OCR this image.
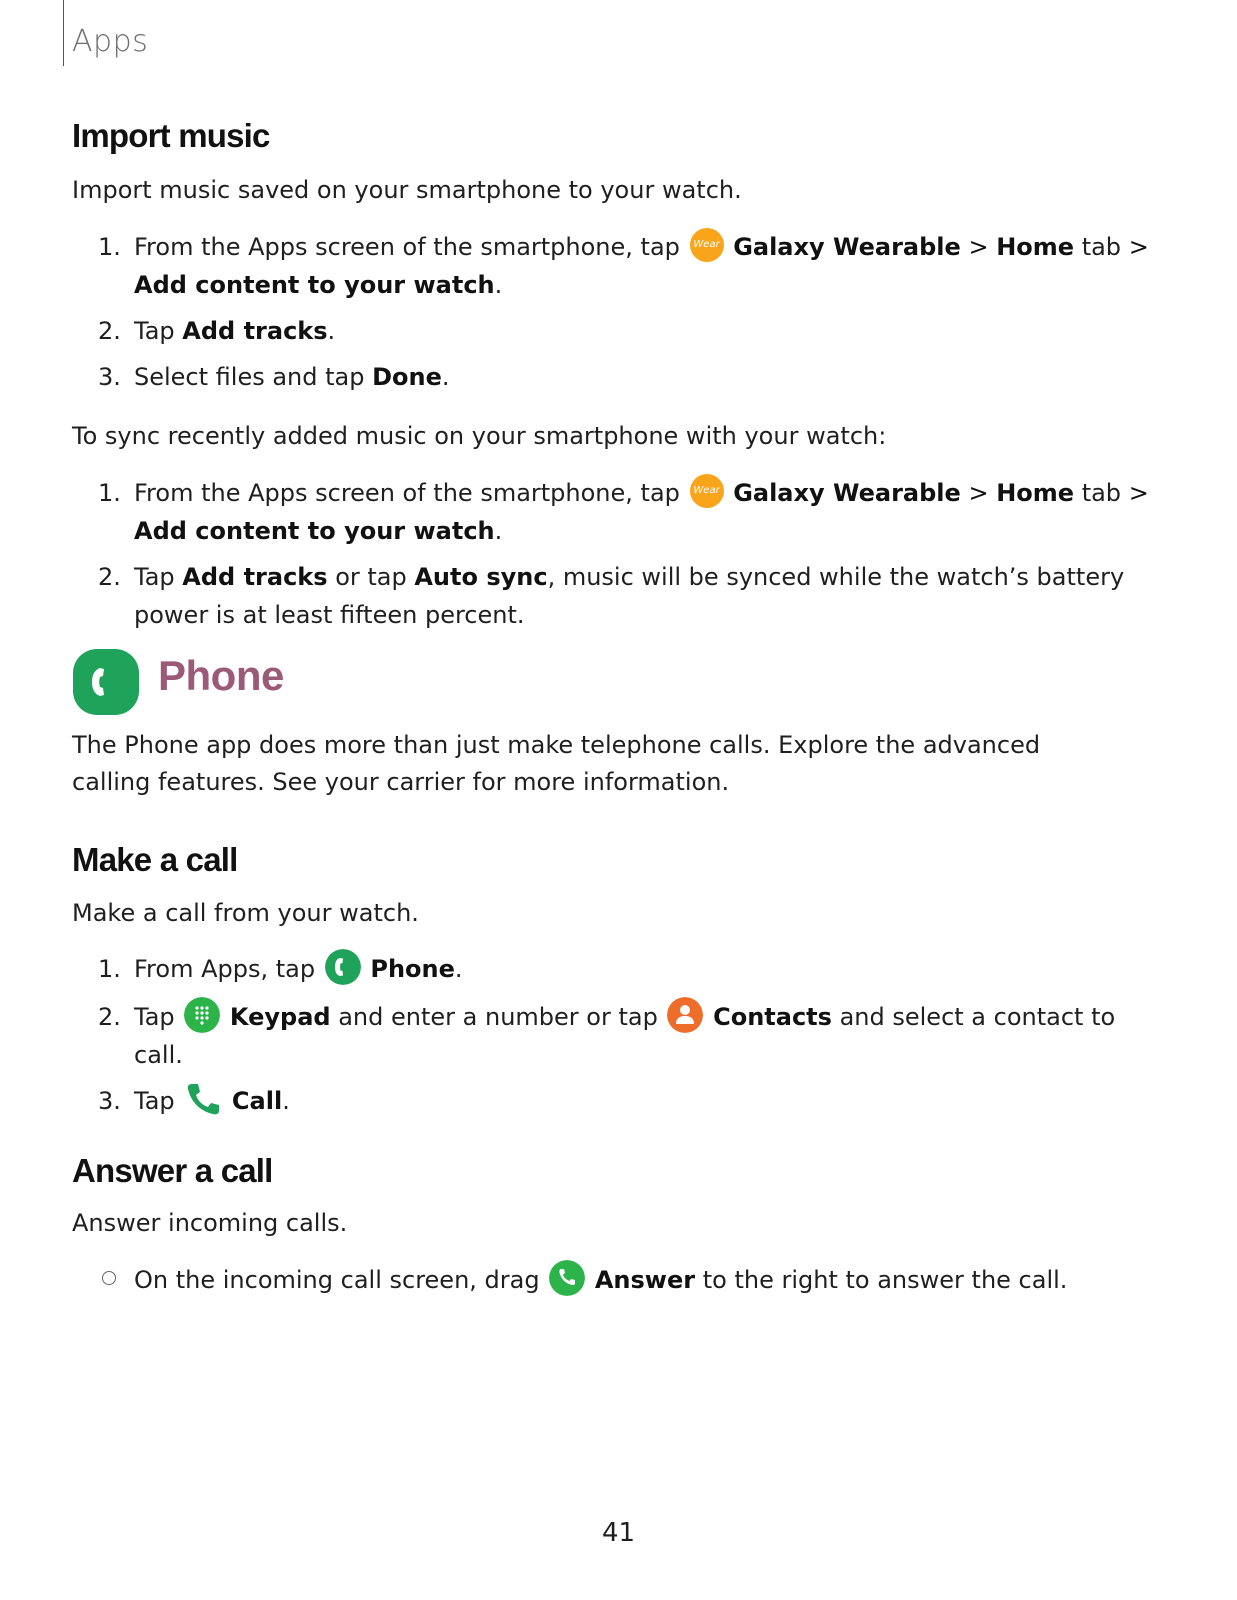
Apps
Import music
Import music saved on your smartphone to your watch.
1. From the Apps screen of the smartphone, tap Wear Galaxy Wearable > Home tab >
Add content to your watch.
2. Tap Add tracks.
3. Select files and tap Done.
To sync recently added music on your smartphone with your watch:
1. From the Apps screen of the smartphone, tap Wear Galaxy Wearable > Home tab >
Add content to your watch.
2. Tap Add tracks or tap Auto sync, music will be synced while the watch’s battery
power is at least fifteen percent.
Phone
The Phone app does more than just make telephone calls. Explore the advanced
calling features. See your carrier for more information.
Make a call
Make a call from your watch.
1. From Apps, tap Phone.
2. Tap Keypad and enter a number or tap Contacts and select a contact to
call.
3. Tap Call.
Answer a call
Answer incoming calls.
On the incoming call screen, drag Answer to the right to answer the call.
41
